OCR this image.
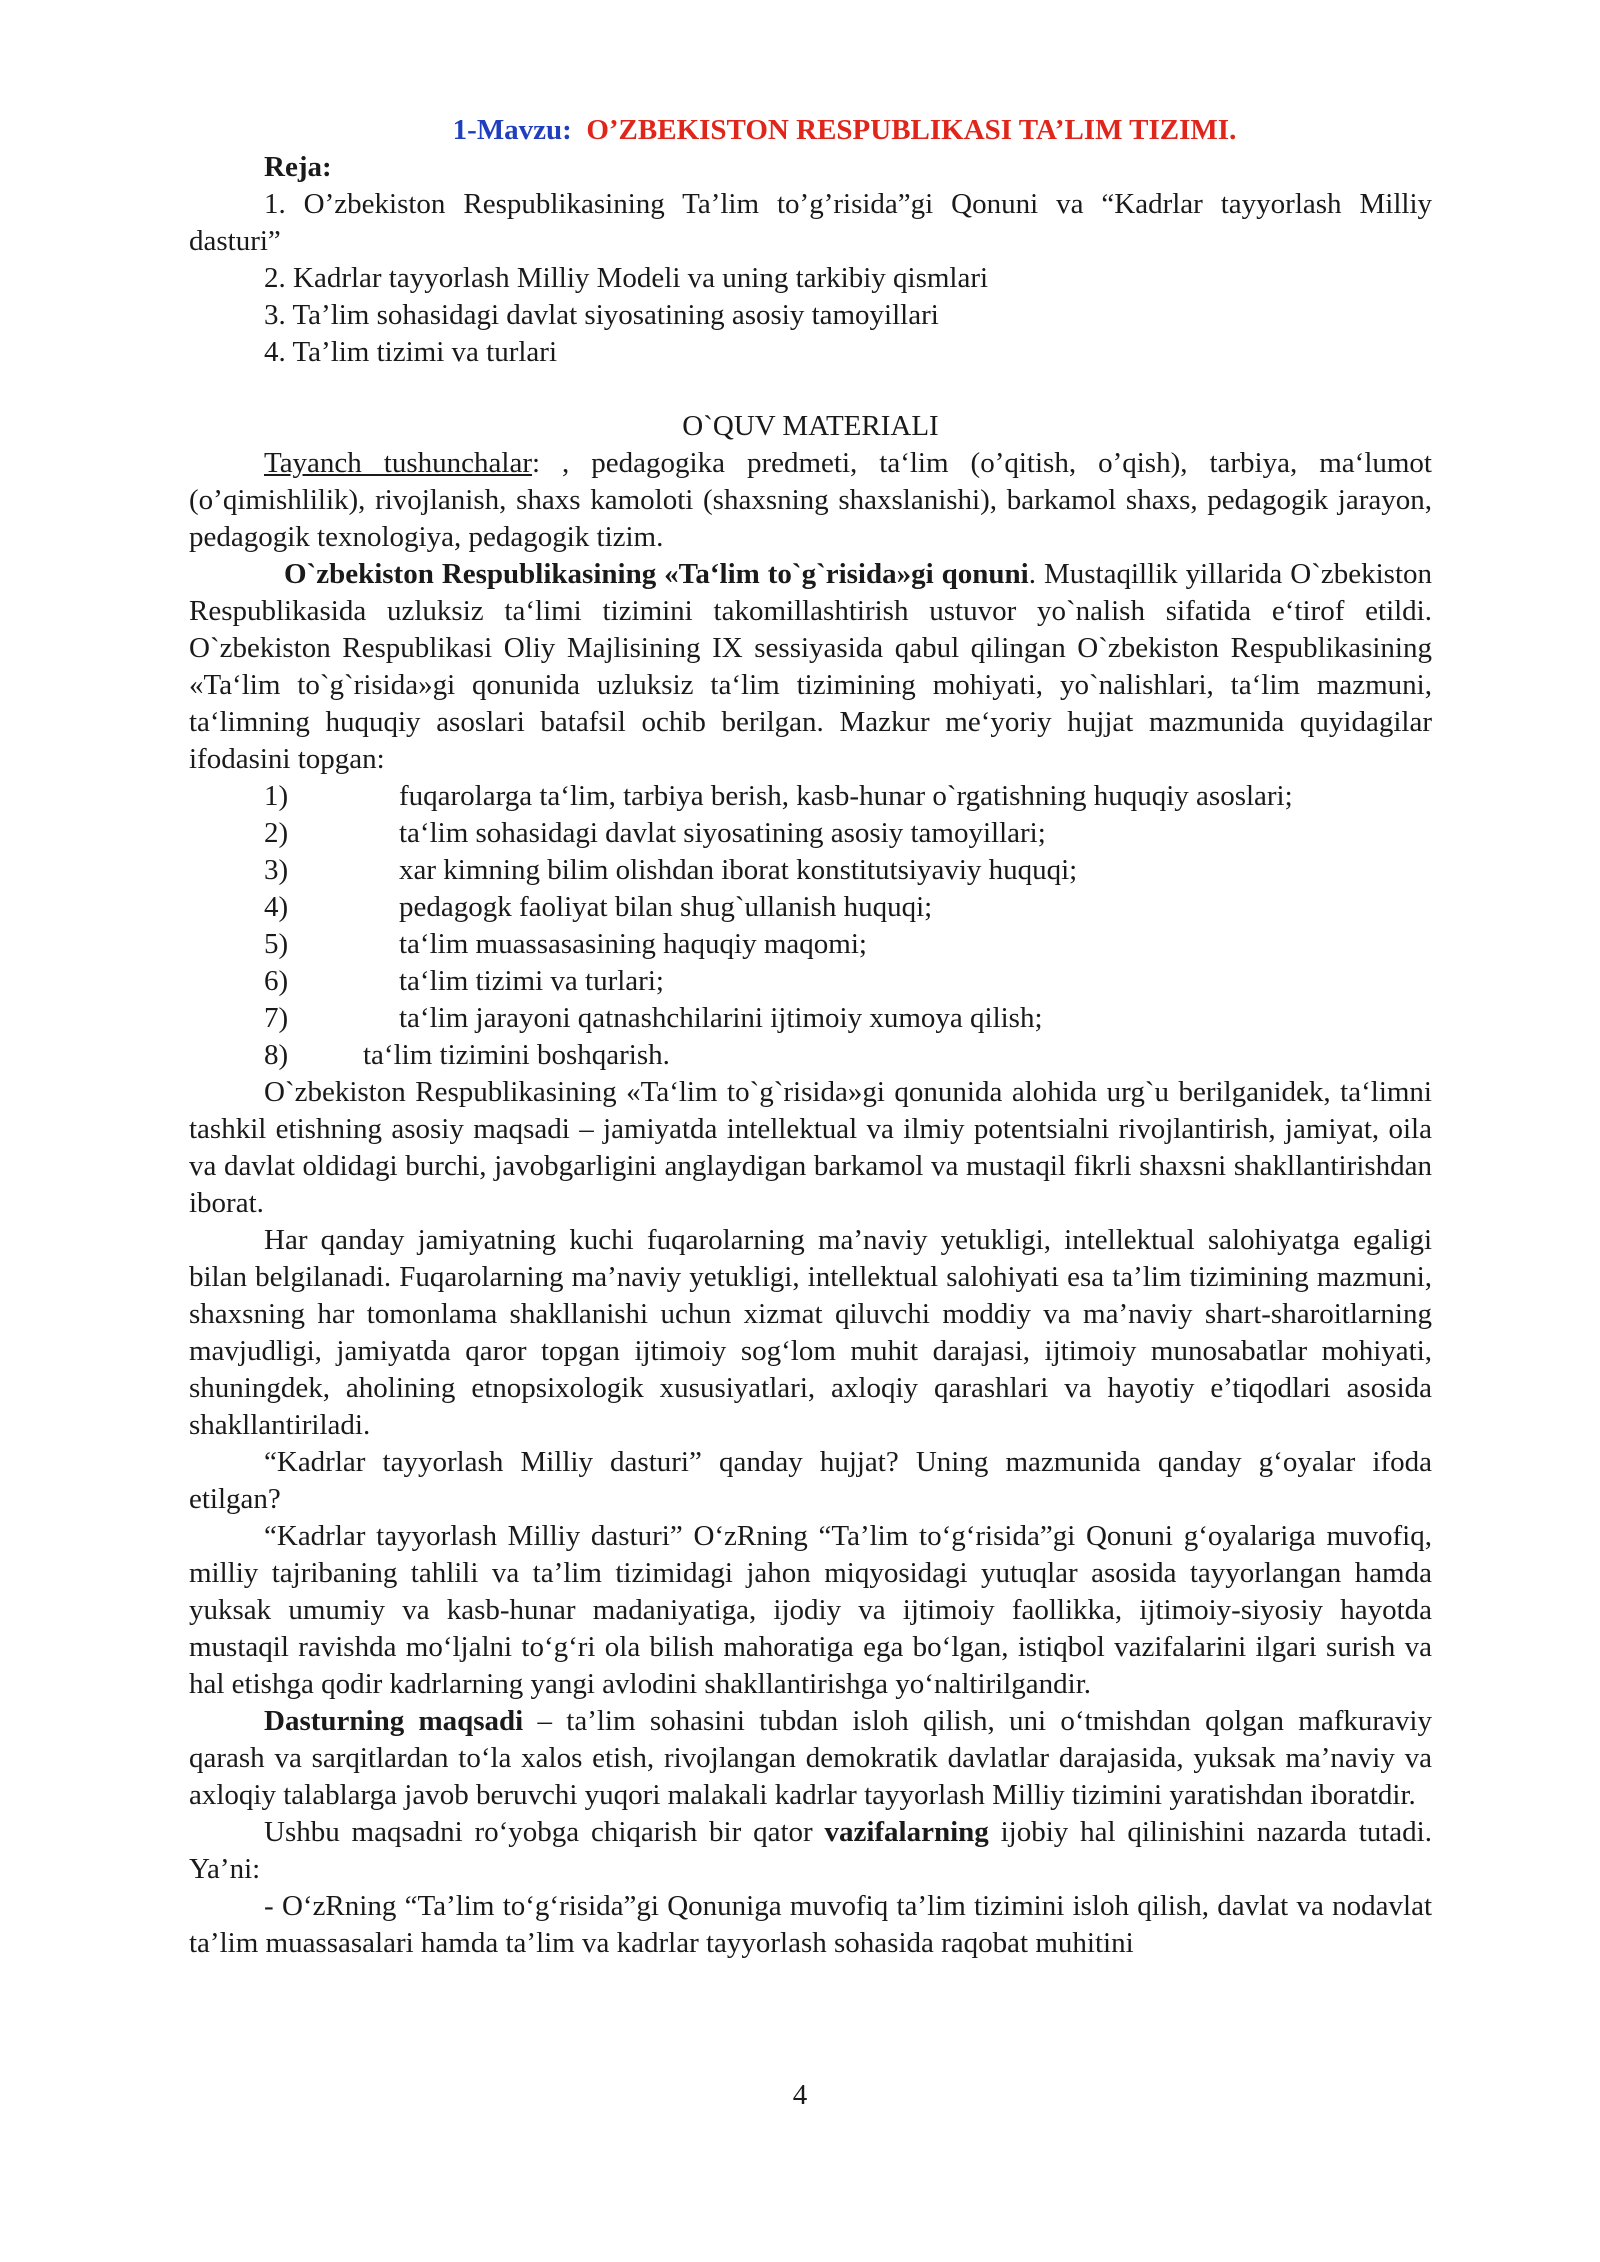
1-Mavzu: O’ZBEKISTON RESPUBLIKASI TA’LIM TIZIMI.
Reja:
1. O’zbekiston Respublikasining Ta’lim to’g’risida”gi Qonuni va “Kadrlar tayyorlash Milliy dasturi”
2. Kadrlar tayyorlash Milliy Modeli va uning tarkibiy qismlari
3. Ta’lim sohasidagi davlat siyosatining asosiy tamoyillari
4. Ta’lim tizimi va turlari
O`QUV MATERIALI

Tayanch tushunchalar: , pedagogika predmeti, ta‘lim (o’qitish, o’qish), tarbiya, ma‘lumot (o’qimishlilik), rivojlanish, shaxs kamoloti (shaxsning shaxslanishi), barkamol shaxs, pedagogik jarayon, pedagogik texnologiya, pedagogik tizim.

O`zbekiston Respublikasining «Ta‘lim to`g`risida»gi qonuni. Mustaqillik yillarida O`zbekiston Respublikasida uzluksiz ta‘limi tizimini takomillashtirish ustuvor yo`nalish sifatida e‘tirof etildi. O`zbekiston Respublikasi Oliy Majlisining IX sessiyasida qabul qilingan O`zbekiston Respublikasining «Ta‘lim to`g`risida»gi qonunida uzluksiz ta‘lim tizimining mohiyati, yo`nalishlari, ta‘lim mazmuni, ta‘limning huquqiy asoslari batafsil ochib berilgan. Mazkur me‘yoriy hujjat mazmunida quyidagilar ifodasini topgan:

1)	fuqarolarga ta‘lim, tarbiya berish, kasb-hunar o`rgatishning huquqiy asoslari;
2)	ta‘lim sohasidagi davlat siyosatining asosiy tamoyillari;
3)	xar kimning bilim olishdan iborat konstitutsiyaviy huquqi;
4)	pedagogk faoliyat bilan shug`ullanish huquqi;
5)	ta‘lim muassasasining haquqiy maqomi;
6)	ta‘lim tizimi va turlari;
7)	ta‘lim jarayoni qatnashchilarini ijtimoiy xumoya qilish;
8)	ta‘lim tizimini boshqarish.

O`zbekiston Respublikasining «Ta‘lim to`g`risida»gi qonunida alohida urg`u berilganidek, ta‘limni tashkil etishning asosiy maqsadi – jamiyatda intellektual va ilmiy potentsialni rivojlantirish, jamiyat, oila va davlat oldidagi burchi, javobgarligini anglaydigan barkamol va mustaqil fikrli shaxsni shakllantirishdan iborat.

Har qanday jamiyatning kuchi fuqarolarning ma’naviy yetukligi, intellektual salohiyatga egaligi bilan belgilanadi. Fuqarolarning ma’naviy yetukligi, intellektual salohiyati esa ta’lim tizimining mazmuni, shaxsning har tomonlama shakllanishi uchun xizmat qiluvchi moddiy va ma’naviy shart-sharoitlarning mavjudligi, jamiyatda qaror topgan ijtimoiy sog‘lom muhit darajasi, ijtimoiy munosabatlar mohiyati, shuningdek, aholining etnopsixologik xususiyatlari, axloqiy qarashlari va hayotiy e’tiqodlari asosida shakllantiriladi.

“Kadrlar tayyorlash Milliy dasturi” qanday hujjat? Uning mazmunida qanday g‘oyalar ifoda etilgan?

“Kadrlar tayyorlash Milliy dasturi” O‘zRning “Ta’lim to‘g‘risida”gi Qonuni g‘oyalariga muvofiq, milliy tajribaning tahlili va ta’lim tizimidagi jahon miqyosidagi yutuqlar asosida tayyorlangan hamda yuksak umumiy va kasb-hunar madaniyatiga, ijodiy va ijtimoiy faollikka, ijtimoiy-siyosiy hayotda mustaqil ravishda mo‘ljalni to‘g‘ri ola bilish mahoratiga ega bo‘lgan, istiqbol vazifalarini ilgari surish va hal etishga qodir kadrlarning yangi avlodini shakllantirishga yo‘naltirilgandir.

Dasturning maqsadi – ta’lim sohasini tubdan isloh qilish, uni o‘tmishdan qolgan mafkuraviy qarash va sarqitlardan to‘la xalos etish, rivojlangan demokratik davlatlar darajasida, yuksak ma’naviy va axloqiy talablarga javob beruvchi yuqori malakali kadrlar tayyorlash Milliy tizimini yaratishdan iboratdir.

Ushbu maqsadni ro‘yobga chiqarish bir qator vazifalarning ijobiy hal qilinishini nazarda tutadi. Ya’ni:

- O‘zRning “Ta’lim to‘g‘risida”gi Qonuniga muvofiq ta’lim tizimini isloh qilish, davlat va nodavlat ta’lim muassasalari hamda ta’lim va kadrlar tayyorlash sohasida raqobat muhitini

4
